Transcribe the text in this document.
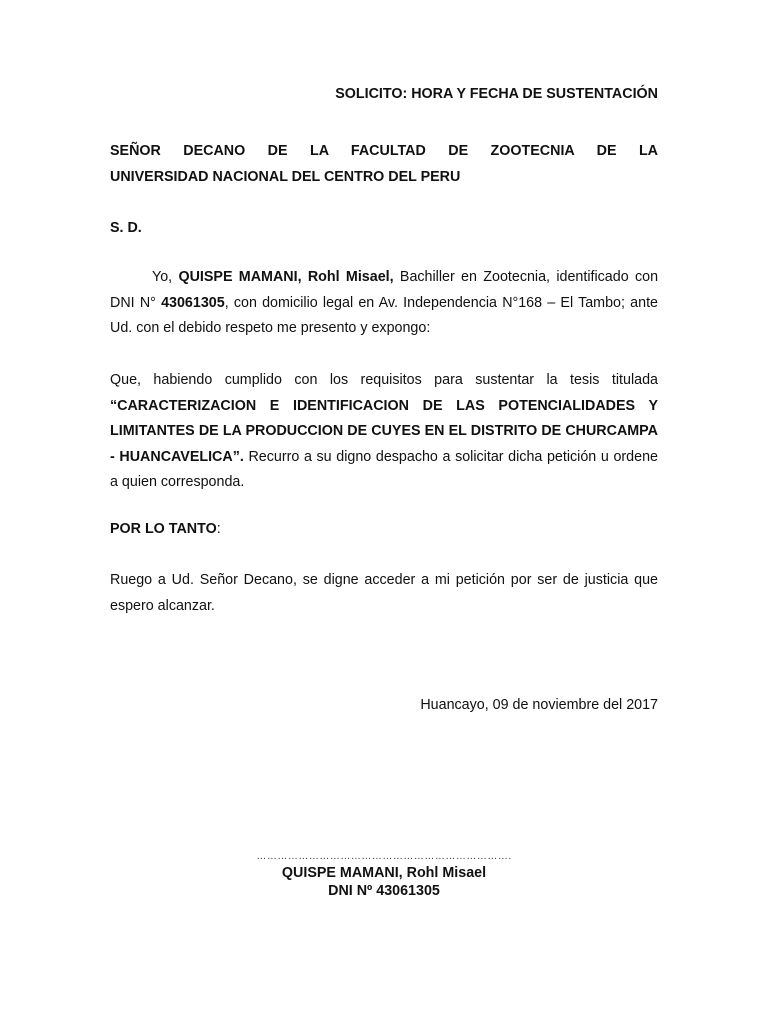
SOLICITO: HORA Y FECHA DE SUSTENTACIÓN
SEÑOR DECANO DE LA FACULTAD DE ZOOTECNIA DE LA
UNIVERSIDAD NACIONAL DEL CENTRO DEL PERU
S. D.
Yo, QUISPE MAMANI, Rohl Misael, Bachiller en Zootecnia, identificado con DNI N° 43061305, con domicilio legal en Av. Independencia N°168 – El Tambo; ante Ud. con el debido respeto me presento y expongo:
Que, habiendo cumplido con los requisitos para sustentar la tesis titulada “CARACTERIZACION E IDENTIFICACION DE LAS POTENCIALIDADES Y LIMITANTES DE LA PRODUCCION DE CUYES EN EL DISTRITO DE CHURCAMPA - HUANCAVELICA”. Recurro a su digno despacho a solicitar dicha petición u ordene a quien corresponda.
POR LO TANTO:
Ruego a Ud. Señor Decano, se digne acceder a mi petición por ser de justicia que espero alcanzar.
Huancayo, 09 de noviembre del 2017
……………………………………………………………….
QUISPE MAMANI, Rohl Misael
DNI Nº 43061305
